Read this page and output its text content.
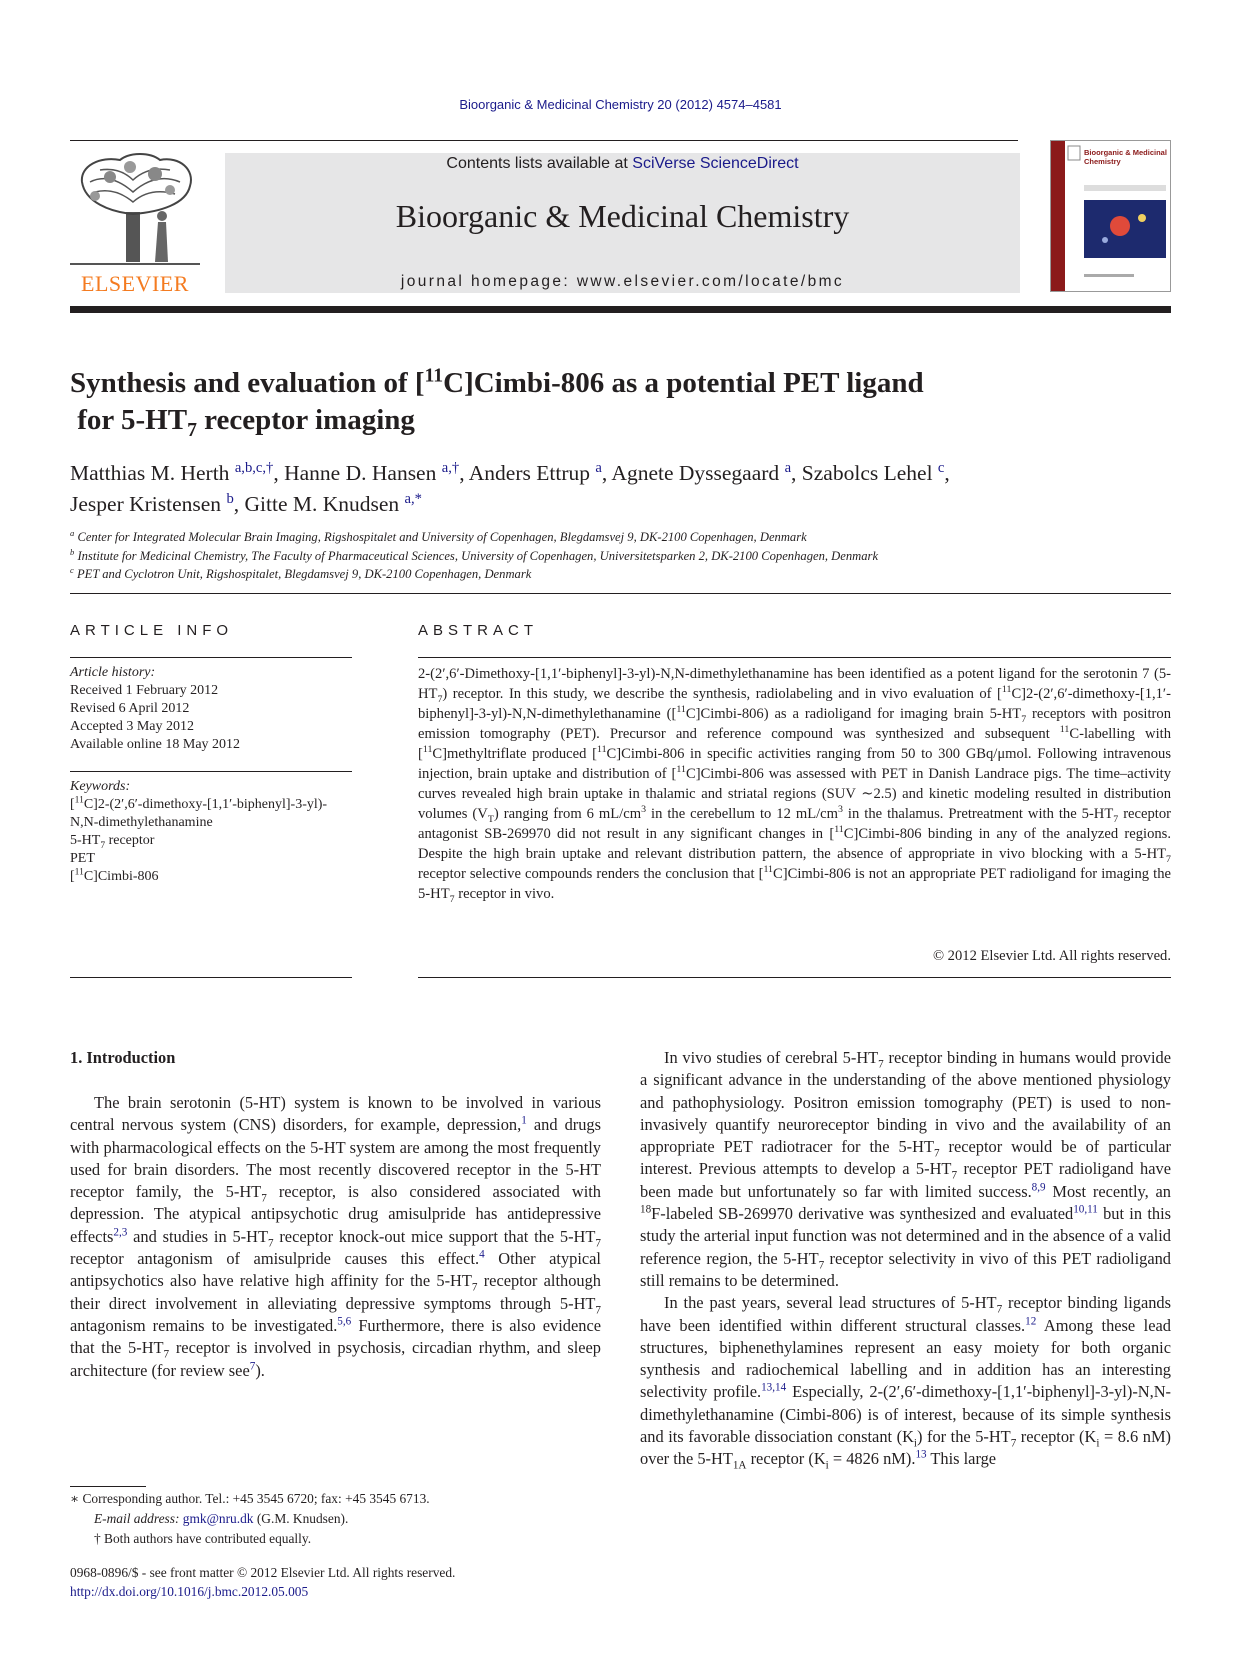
Bioorganic & Medicinal Chemistry 20 (2012) 4574–4581
ELSEVIER
Contents lists available at SciVerse ScienceDirect
Bioorganic & Medicinal Chemistry
journal homepage: www.elsevier.com/locate/bmc
Bioorganic & Medicinal Chemistry
Synthesis and evaluation of [$^{11}$C]Cimbi-806 as a potential PET ligand
for $5-HT_7$ receptor imaging
Matthias M. Herth $^{a,b,c,\dagger}$, Hanne D. Hansen $^{a,\dagger}$, Anders Ettrup $^a$, Agnete Dyssegaard $^a$, Szabolcs Lehel $^c$,
Jesper Kristensen $^b$, Gitte M. Knudsen $^{a,*}$
$^a$ Center for Integrated Molecular Brain Imaging, Rigshospitalet and University of Copenhagen, Blegdamsvej 9, DK-2100 Copenhagen, Denmark
$^b$ Institute for Medicinal Chemistry, The Faculty of Pharmaceutical Sciences, University of Copenhagen, Universitetsparken 2, DK-2100 Copenhagen, Denmark
$^c$ PET and Cyclotron Unit, Rigshospitalet, Blegdamsvej 9, DK-2100 Copenhagen, Denmark
ARTICLE INFO
Article history:
Received 1 February 2012
Revised 6 April 2012
Accepted 3 May 2012
Available online 18 May 2012
Keywords:
[$^{11}$C]2-(2′,6′-dimethoxy-[1,1′-biphenyl]-3-yl)-N,N-dimethylethanamine
$5-HT_7$ receptor
PET
[$^{11}$C]Cimbi-806
ABSTRACT
2-(2′,6′-Dimethoxy-[1,1′-biphenyl]-3-yl)-N,N-dimethylethanamine has been identified as a potent ligand for the serotonin 7 $(5-HT_7)$ receptor. In this study, we describe the synthesis, radiolabeling and in vivo evaluation of [$^{11}$C]2-(2′,6′-dimethoxy-[1,1′-biphenyl]-3-yl)-N,N-dimethylethanamine ([$^{11}$C]Cimbi-806) as a radioligand for imaging brain $5-HT_7$ receptors with positron emission tomography (PET). Precursor and reference compound was synthesized and subsequent $^{11}$C-labelling with [$^{11}$C]methyltriflate produced [$^{11}$C]Cimbi-806 in specific activities ranging from 50 to 300 GBq/μmol. Following intravenous injection, brain uptake and distribution of [$^{11}$C]Cimbi-806 was assessed with PET in Danish Landrace pigs. The time–activity curves revealed high brain uptake in thalamic and striatal regions (SUV ∼2.5) and kinetic modeling resulted in distribution volumes $(V_T)$ ranging from 6 $mL/cm^3$ in the cerebellum to 12 $mL/cm^3$ in the thalamus. Pretreatment with the $5-HT_7$ receptor antagonist SB-269970 did not result in any significant changes in [$^{11}$C]Cimbi-806 binding in any of the analyzed regions. Despite the high brain uptake and relevant distribution pattern, the absence of appropriate in vivo blocking with a $5-HT_7$ receptor selective compounds renders the conclusion that [$^{11}$C]Cimbi-806 is not an appropriate PET radioligand for imaging the $5-HT_7$ receptor in vivo.
© 2012 Elsevier Ltd. All rights reserved.
1. Introduction

The brain serotonin (5-HT) system is known to be involved in various central nervous system (CNS) disorders, for example, depression,$^1$ and drugs with pharmacological effects on the 5-HT system are among the most frequently used for brain disorders. The most recently discovered receptor in the 5-HT receptor family, the $5-HT_7$ receptor, is also considered associated with depression. The atypical antipsychotic drug amisulpride has antidepressive effects$^{2,3}$ and studies in $5-HT_7$ receptor knock-out mice support that the $5-HT_7$ receptor antagonism of amisulpride causes this effect.$^4$ Other atypical antipsychotics also have relative high affinity for the $5-HT_7$ receptor although their direct involvement in alleviating depressive symptoms through $5-HT_7$ antagonism remains to be investigated.$^{5,6}$ Furthermore, there is also evidence that the $5-HT_7$ receptor is involved in psychosis, circadian rhythm, and sleep architecture (for review see$^7$).

In vivo studies of cerebral $5-HT_7$ receptor binding in humans would provide a significant advance in the understanding of the above mentioned physiology and pathophysiology. Positron emission tomography (PET) is used to non-invasively quantify neuroreceptor binding in vivo and the availability of an appropriate PET radiotracer for the $5-HT_7$ receptor would be of particular interest. Previous attempts to develop a $5-HT_7$ receptor PET radioligand have been made but unfortunately so far with limited success.$^{8,9}$ Most recently, an $^{18}$F-labeled SB-269970 derivative was synthesized and evaluated$^{10,11}$ but in this study the arterial input function was not determined and in the absence of a valid reference region, the $5-HT_7$ receptor selectivity in vivo of this PET radioligand still remains to be determined.

In the past years, several lead structures of $5-HT_7$ receptor binding ligands have been identified within different structural classes.$^{12}$ Among these lead structures, biphenethylamines represent an easy moiety for both organic synthesis and radiochemical labelling and in addition has an interesting selectivity profile.$^{13,14}$ Especially, 2-(2′,6′-dimethoxy-[1,1′-biphenyl]-3-yl)-N,N-dimethylethanamine (Cimbi-806) is of interest, because of its simple synthesis and its favorable dissociation constant $(K_i)$ for the $5-HT_7$ receptor ($K_i = 8.6$ nM) over the $5-HT_{1A}$ receptor ($K_i = 4826$ nM).$^{13}$ This large

∗ Corresponding author. Tel.: +45 3545 6720; fax: +45 3545 6713.
E-mail address: gmk@nru.dk (G.M. Knudsen).
† Both authors have contributed equally.
0968-0896/$ - see front matter © 2012 Elsevier Ltd. All rights reserved.
http://dx.doi.org/10.1016/j.bmc.2012.05.005
